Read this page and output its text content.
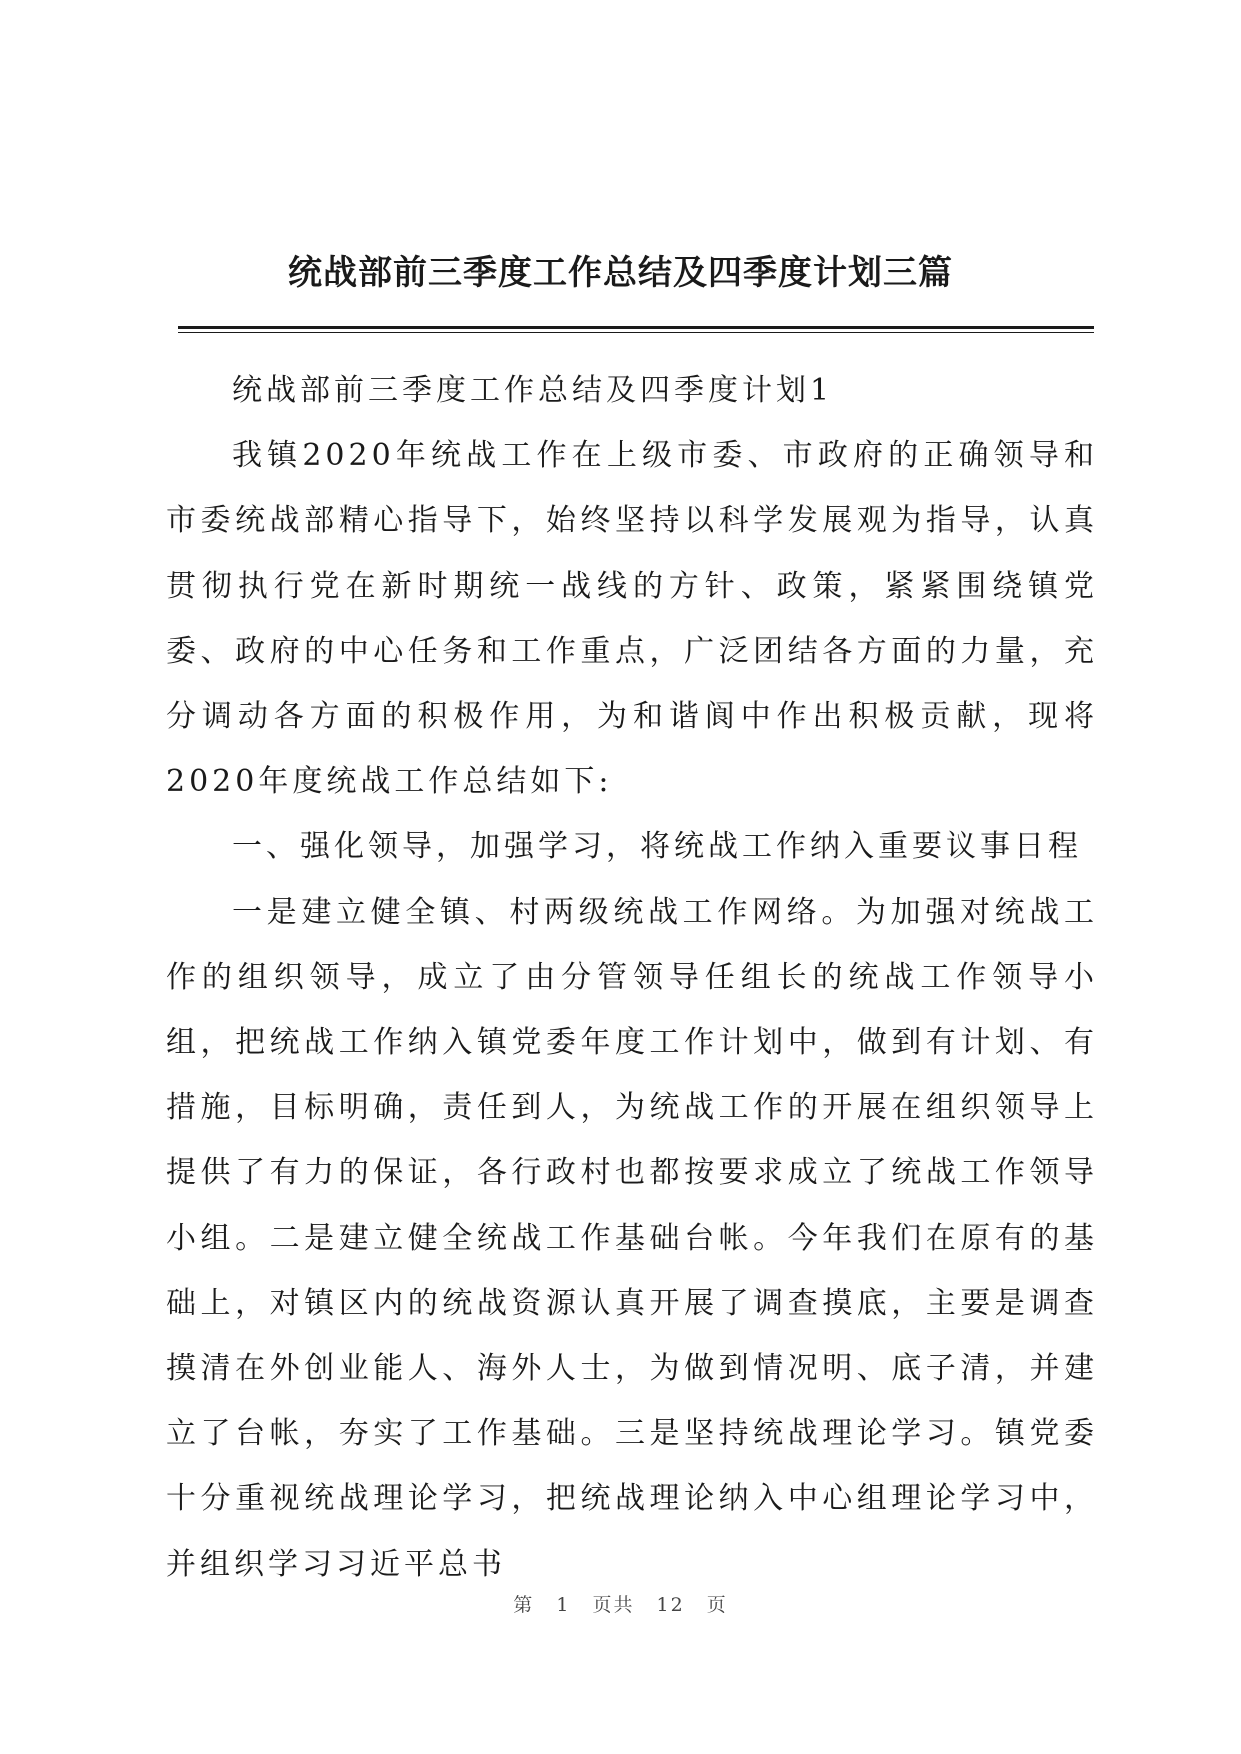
统战部前三季度工作总结及四季度计划三篇

统战部前三季度工作总结及四季度计划1

我镇2020年统战工作在上级市委、市政府的正确领导和市委统战部精心指导下，始终坚持以科学发展观为指导，认真贯彻执行党在新时期统一战线的方针、政策，紧紧围绕镇党委、政府的中心任务和工作重点，广泛团结各方面的力量，充分调动各方面的积极作用，为和谐阆中作出积极贡献，现将2020年度统战工作总结如下:

一、强化领导，加强学习，将统战工作纳入重要议事日程

一是建立健全镇、村两级统战工作网络。为加强对统战工作的组织领导，成立了由分管领导任组长的统战工作领导小组，把统战工作纳入镇党委年度工作计划中，做到有计划、有措施，目标明确，责任到人，为统战工作的开展在组织领导上提供了有力的保证，各行政村也都按要求成立了统战工作领导小组。二是建立健全统战工作基础台帐。今年我们在原有的基础上，对镇区内的统战资源认真开展了调查摸底，主要是调查摸清在外创业能人、海外人士，为做到情况明、底子清，并建立了台帐，夯实了工作基础。三是坚持统战理论学习。镇党委十分重视统战理论学习，把统战理论纳入中心组理论学习中，并组织学习习近平总书

第 1 页共 12 页
